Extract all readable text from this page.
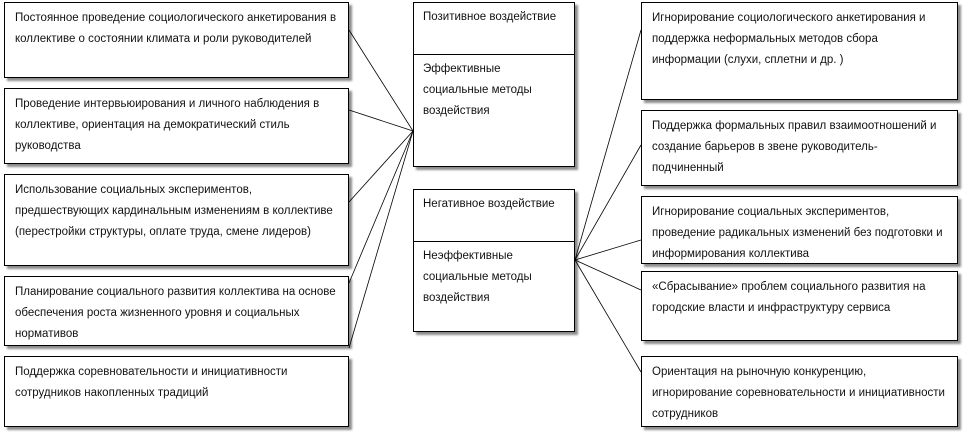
Постоянное проведение социологического анкетирования в коллективе о состоянии климата и роли руководителей
Проведение интервьюирования и личного наблюдения в коллективе, ориентация на демократический стиль руководства
Использование социальных экспериментов, предшествующих кардинальным изменениям в коллективе (перестройки структуры, оплате труда, смене лидеров)
Планирование социального развития коллектива на основе обеспечения роста жизненного уровня и социальных нормативов
Поддержка соревновательности и инициативности сотрудников накопленных традиций
Позитивное воздействие
Эффективные социальные методы воздействия
Негативное воздействие
Неэффективные социальные методы воздействия
Игнорирование социологического анкетирования и поддержка неформальных методов сбора информации (слухи, сплетни и др. )
Поддержка формальных правил взаимоотношений и создание барьеров в звене руководитель-подчиненный
Игнорирование социальных экспериментов, проведение радикальных изменений без подготовки и информирования коллектива
«Сбрасывание» проблем социального развития на городские власти и инфраструктуру сервиса
Ориентация на рыночную конкуренцию, игнорирование соревновательности и инициативности сотрудников
